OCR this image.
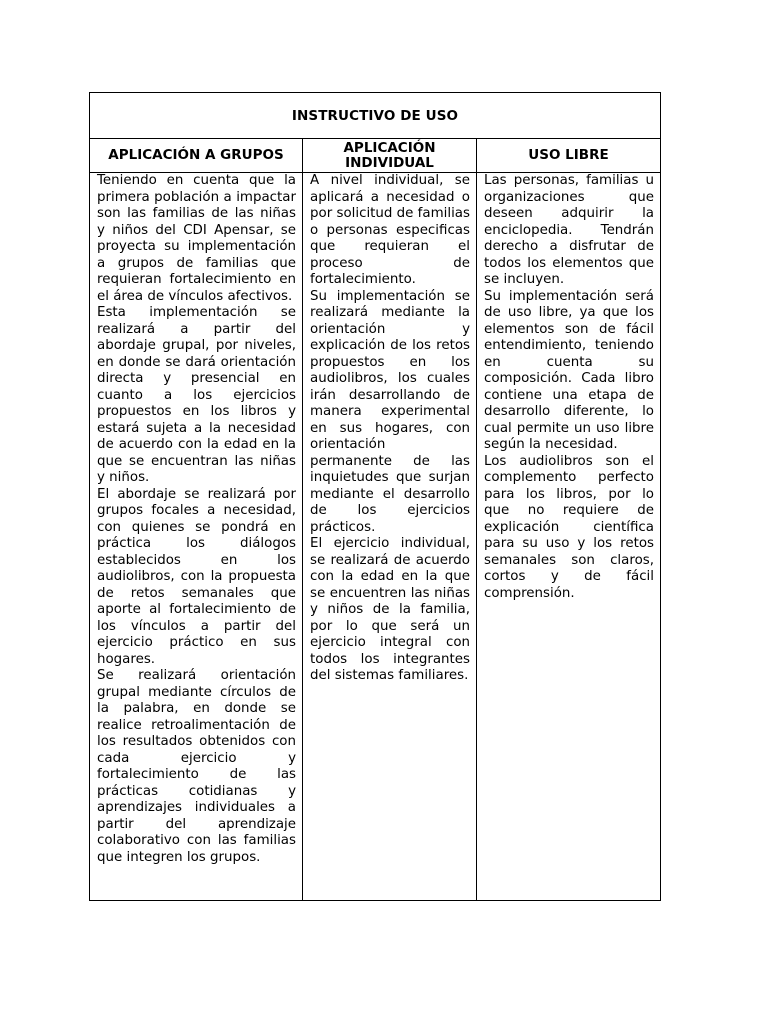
INSTRUCTIVO DE USO
APLICACIÓN A GRUPOS	APLICACIÓN INDIVIDUAL	USO LIBRE

Teniendo en cuenta que la primera población a impactar son las familias de las niñas y niños del CDI Apensar, se proyecta su implementación a grupos de familias que requieran fortalecimiento en el área de vínculos afectivos.

Esta implementación se realizará a partir del abordaje grupal, por niveles, en donde se dará orientación directa y presencial en cuanto a los ejercicios propuestos en los libros y estará sujeta a la necesidad de acuerdo con la edad en la que se encuentran las niñas y niños.

El abordaje se realizará por grupos focales a necesidad, con quienes se pondrá en práctica los diálogos establecidos en los audiolibros, con la propuesta de retos semanales que aporte al fortalecimiento de los vínculos a partir del ejercicio práctico en sus hogares.

Se realizará orientación grupal mediante círculos de la palabra, en donde se realice retroalimentación de los resultados obtenidos con cada ejercicio y fortalecimiento de las prácticas cotidianas y aprendizajes individuales a partir del aprendizaje colaborativo con las familias que integren los grupos.

A nivel individual, se aplicará a necesidad o por solicitud de familias o personas especificas que requieran el proceso de fortalecimiento.

Su implementación se realizará mediante la orientación y explicación de los retos propuestos en los audiolibros, los cuales irán desarrollando de manera experimental en sus hogares, con orientación permanente de las inquietudes que surjan mediante el desarrollo de los ejercicios prácticos.

El ejercicio individual, se realizará de acuerdo con la edad en la que se encuentren las niñas y niños de la familia, por lo que será un ejercicio integral con todos los integrantes del sistemas familiares.

Las personas, familias u organizaciones que deseen adquirir la enciclopedia. Tendrán derecho a disfrutar de todos los elementos que se incluyen.

Su implementación será de uso libre, ya que los elementos son de fácil entendimiento, teniendo en cuenta su composición. Cada libro contiene una etapa de desarrollo diferente, lo cual permite un uso libre según la necesidad.

Los audiolibros son el complemento perfecto para los libros, por lo que no requiere de explicación científica para su uso y los retos semanales son claros, cortos y de fácil comprensión.
